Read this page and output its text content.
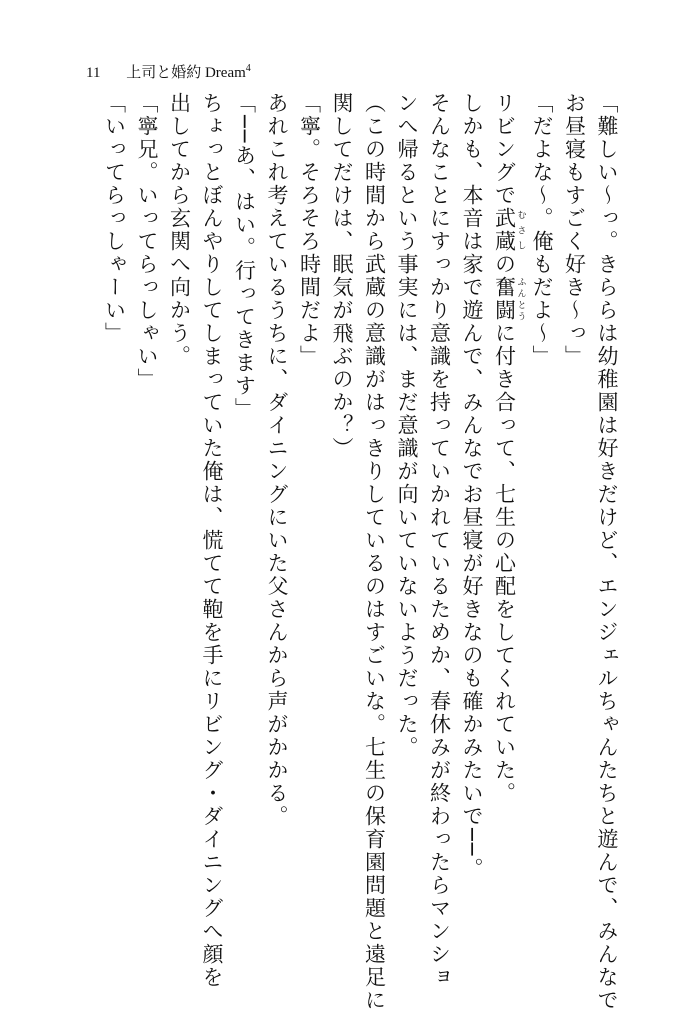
11 上司と婚約 Dream$^4$
「難しい～っ。きららは幼稚園は好きだけど、エンジェルちゃんたちと遊んで、みんなで
お昼寝もすごく好き～っ」
「だよな～。俺もだよ～」
リビングで武蔵 むさしの奮闘 ふんとうに付き合って、七生の心配をしてくれていた。
しかも、本音は家で遊んで、みんなでお昼寝が好きなのも確かみたいで──。
そんなことにすっかり意識を持っていかれているためか、春休みが終わったらマンショ
ンへ帰るという事実には、まだ意識が向いていないようだった。
（この時間から武蔵の意識がはっきりしているのはすごいな。七生の保育園問題と遠足に
関してだけは、眠気が飛ぶのか？）
「寧。そろそろ時間だよ」
あれこれ考えているうちに、ダイニングにいた父さんから声がかかる。
「──あ、はい。行ってきます」
ちょっとぼんやりしてしまっていた俺は、慌てて鞄を手にリビング・ダイニングへ顔を
出してから玄関へ向かう。
「寧兄。いってらっしゃい」
「いってらっしゃーい」
